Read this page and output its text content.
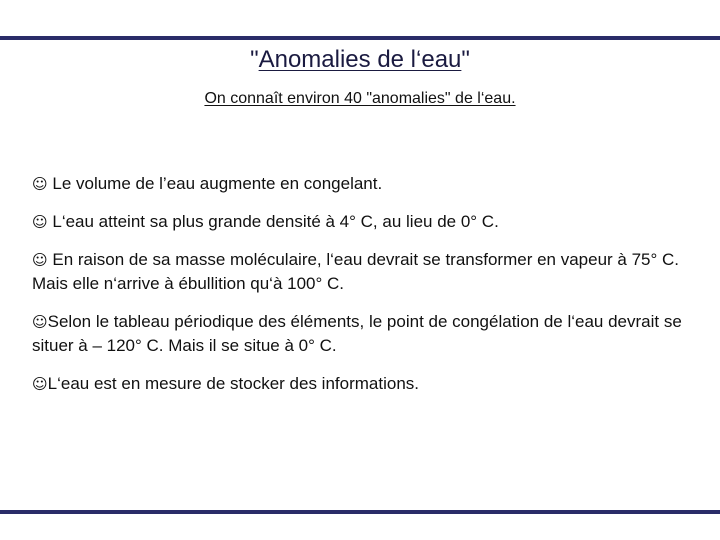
"Anomalies de l‘eau"
On connaît environ 40 "anomalies" de l‘eau.
☺ Le volume de l’eau augmente en congelant.
☺ L‘eau atteint sa plus grande densité à 4° C, au lieu de 0° C.
☺ En raison de sa masse moléculaire, l‘eau devrait se transformer en vapeur à 75° C. Mais elle n‘arrive à ébullition qu‘à 100° C.
☺Selon le tableau périodique des éléments, le point de congélation de l‘eau devrait se situer à – 120° C. Mais il se situe à 0° C.
☺L‘eau est en mesure de stocker des informations.
